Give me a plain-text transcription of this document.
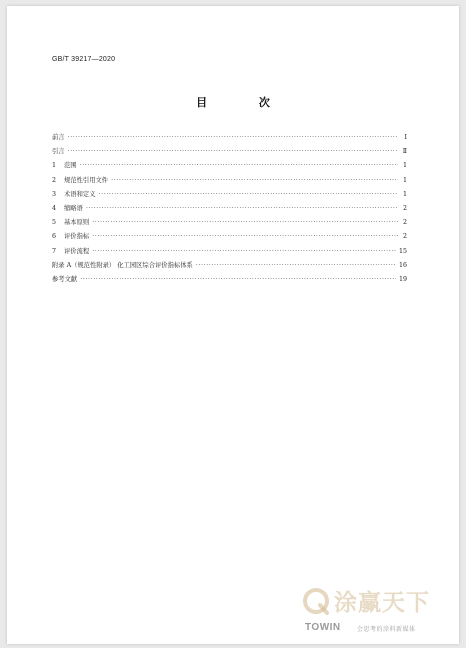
GB/T 39217—2020
目 次
前言 ·····	Ⅰ
引言 ·····	Ⅱ
1	范围 ·····	1
2	规范性引用文件 ·····	1
3	术语和定义 ·····	1
4	缩略语 ·····	2
5	基本原则 ·····	2
6	评价指标 ·····	2
7	评价流程 ·····	15
附录 A（规范性附录） 化工园区综合评价指标体系 ·····	16
参考文献 ·····	19
涂赢天下
TOWIN	会思考的涂料新媒体
